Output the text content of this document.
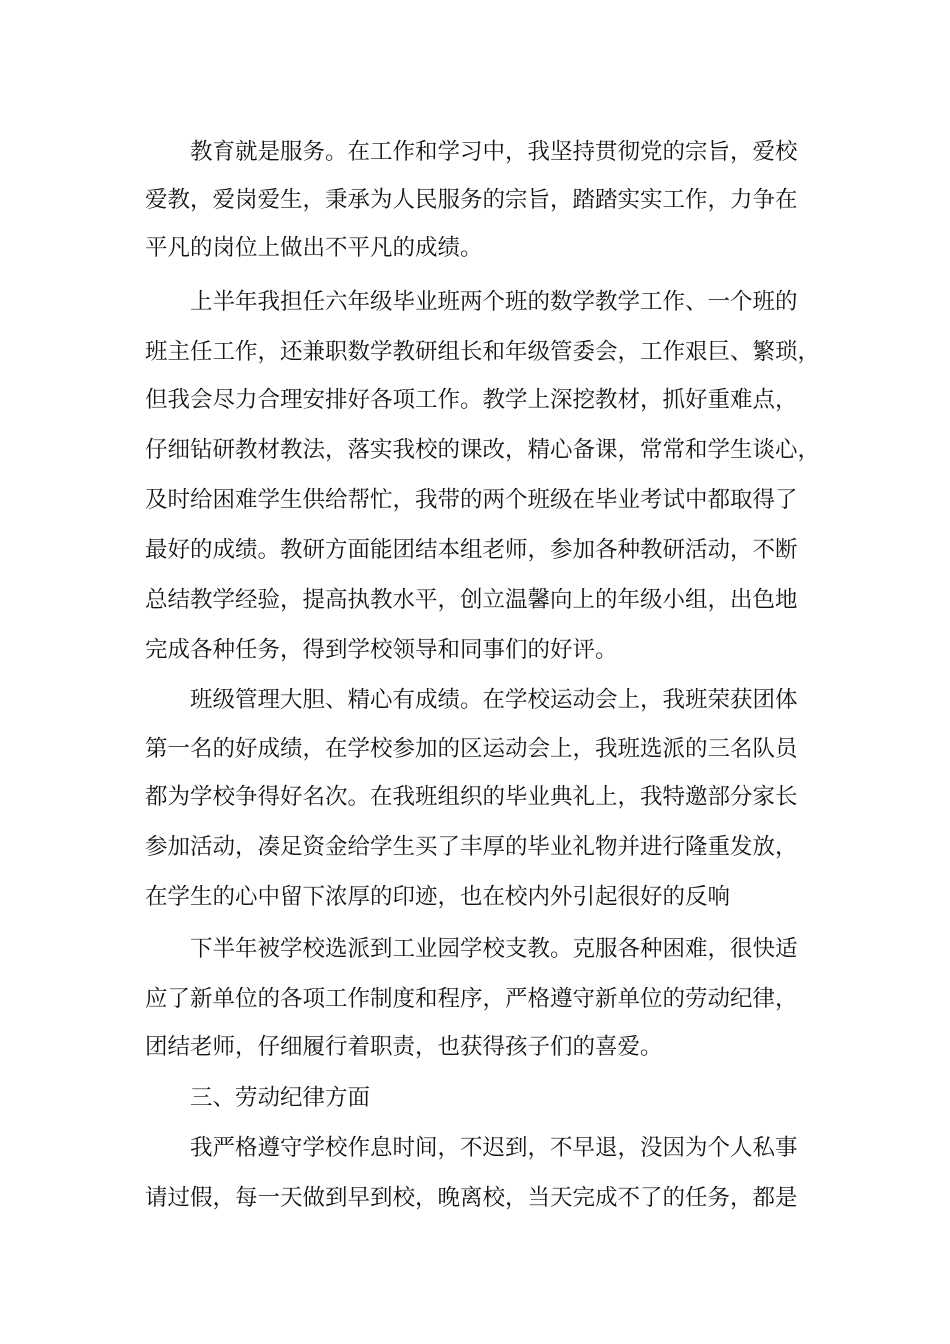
教育就是服务。在工作和学习中，我坚持贯彻党的宗旨，爱校
爱教，爱岗爱生，秉承为人民服务的宗旨，踏踏实实工作，力争在
平凡的岗位上做出不平凡的成绩。
上半年我担任六年级毕业班两个班的数学教学工作、一个班的
班主任工作，还兼职数学教研组长和年级管委会，工作艰巨、繁琐，
但我会尽力合理安排好各项工作。教学上深挖教材，抓好重难点，
仔细钻研教材教法，落实我校的课改，精心备课，常常和学生谈心，
及时给困难学生供给帮忙，我带的两个班级在毕业考试中都取得了
最好的成绩。教研方面能团结本组老师，参加各种教研活动，不断
总结教学经验，提高执教水平，创立温馨向上的年级小组，出色地
完成各种任务，得到学校领导和同事们的好评。
班级管理大胆、精心有成绩。在学校运动会上，我班荣获团体
第一名的好成绩，在学校参加的区运动会上，我班选派的三名队员
都为学校争得好名次。在我班组织的毕业典礼上，我特邀部分家长
参加活动，凑足资金给学生买了丰厚的毕业礼物并进行隆重发放，
在学生的心中留下浓厚的印迹，也在校内外引起很好的反响
下半年被学校选派到工业园学校支教。克服各种困难，很快适
应了新单位的各项工作制度和程序，严格遵守新单位的劳动纪律，
团结老师，仔细履行着职责，也获得孩子们的喜爱。
三、劳动纪律方面
我严格遵守学校作息时间，不迟到，不早退，没因为个人私事
请过假，每一天做到早到校，晚离校，当天完成不了的任务，都是
